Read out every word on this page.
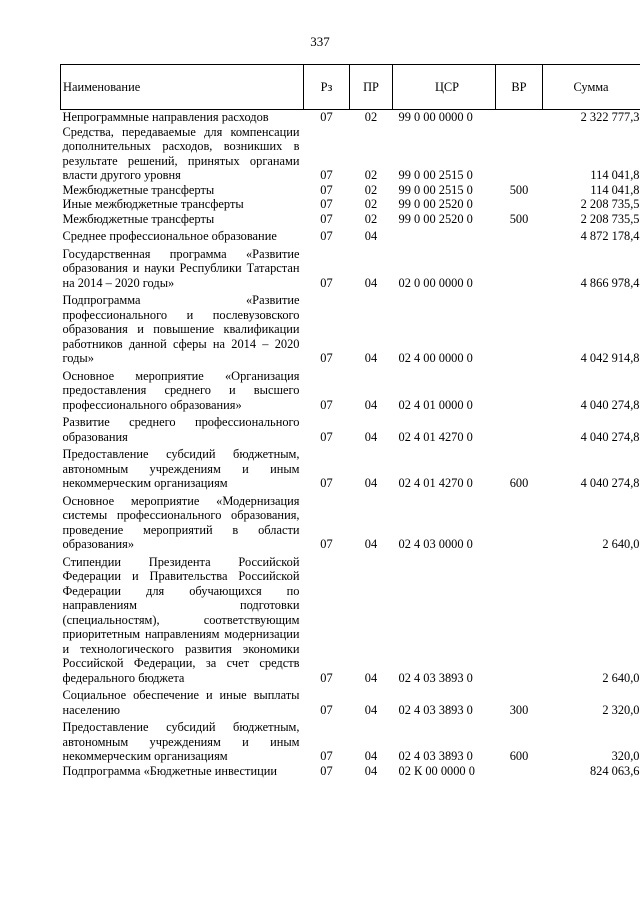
337
Наименование	Рз	ПР	ЦСР	ВР	Сумма
Непрограммные направления расходов	07	02	99 0 00 0000 0		2 322 777,3
Средства, передаваемые для компенсации дополнительных расходов, возникших в результате решений, принятых органами власти другого уровня	07	02	99 0 00 2515 0		114 041,8
Межбюджетные трансферты	07	02	99 0 00 2515 0	500	114 041,8
Иные межбюджетные трансферты	07	02	99 0 00 2520 0		2 208 735,5
Межбюджетные трансферты	07	02	99 0 00 2520 0	500	2 208 735,5
Среднее профессиональное образование	07	04			4 872 178,4
Государственная программа «Развитие образования и науки Республики Татарстан на 2014 – 2020 годы»	07	04	02 0 00 0000 0		4 866 978,4
Подпрограмма «Развитие профессионального и послевузовского образования и повышение квалификации работников данной сферы на 2014 – 2020 годы»	07	04	02 4 00 0000 0		4 042 914,8
Основное мероприятие «Организация предоставления среднего и высшего профессионального образования»	07	04	02 4 01 0000 0		4 040 274,8
Развитие среднего профессионального образования	07	04	02 4 01 4270 0		4 040 274,8
Предоставление субсидий бюджетным, автономным учреждениям и иным некоммерческим организациям	07	04	02 4 01 4270 0	600	4 040 274,8
Основное мероприятие «Модернизация системы профессионального образования, проведение мероприятий в области образования»	07	04	02 4 03 0000 0		2 640,0
Стипендии Президента Российской Федерации и Правительства Российской Федерации для обучающихся по направлениям подготовки (специальностям), соответствующим приоритетным направлениям модернизации и технологического развития экономики Российской Федерации, за счет средств федерального бюджета	07	04	02 4 03 3893 0		2 640,0
Социальное обеспечение и иные выплаты населению	07	04	02 4 03 3893 0	300	2 320,0
Предоставление субсидий бюджетным, автономным учреждениям и иным некоммерческим организациям	07	04	02 4 03 3893 0	600	320,0
Подпрограмма «Бюджетные инвестиции	07	04	02 К 00 0000 0		824 063,6
